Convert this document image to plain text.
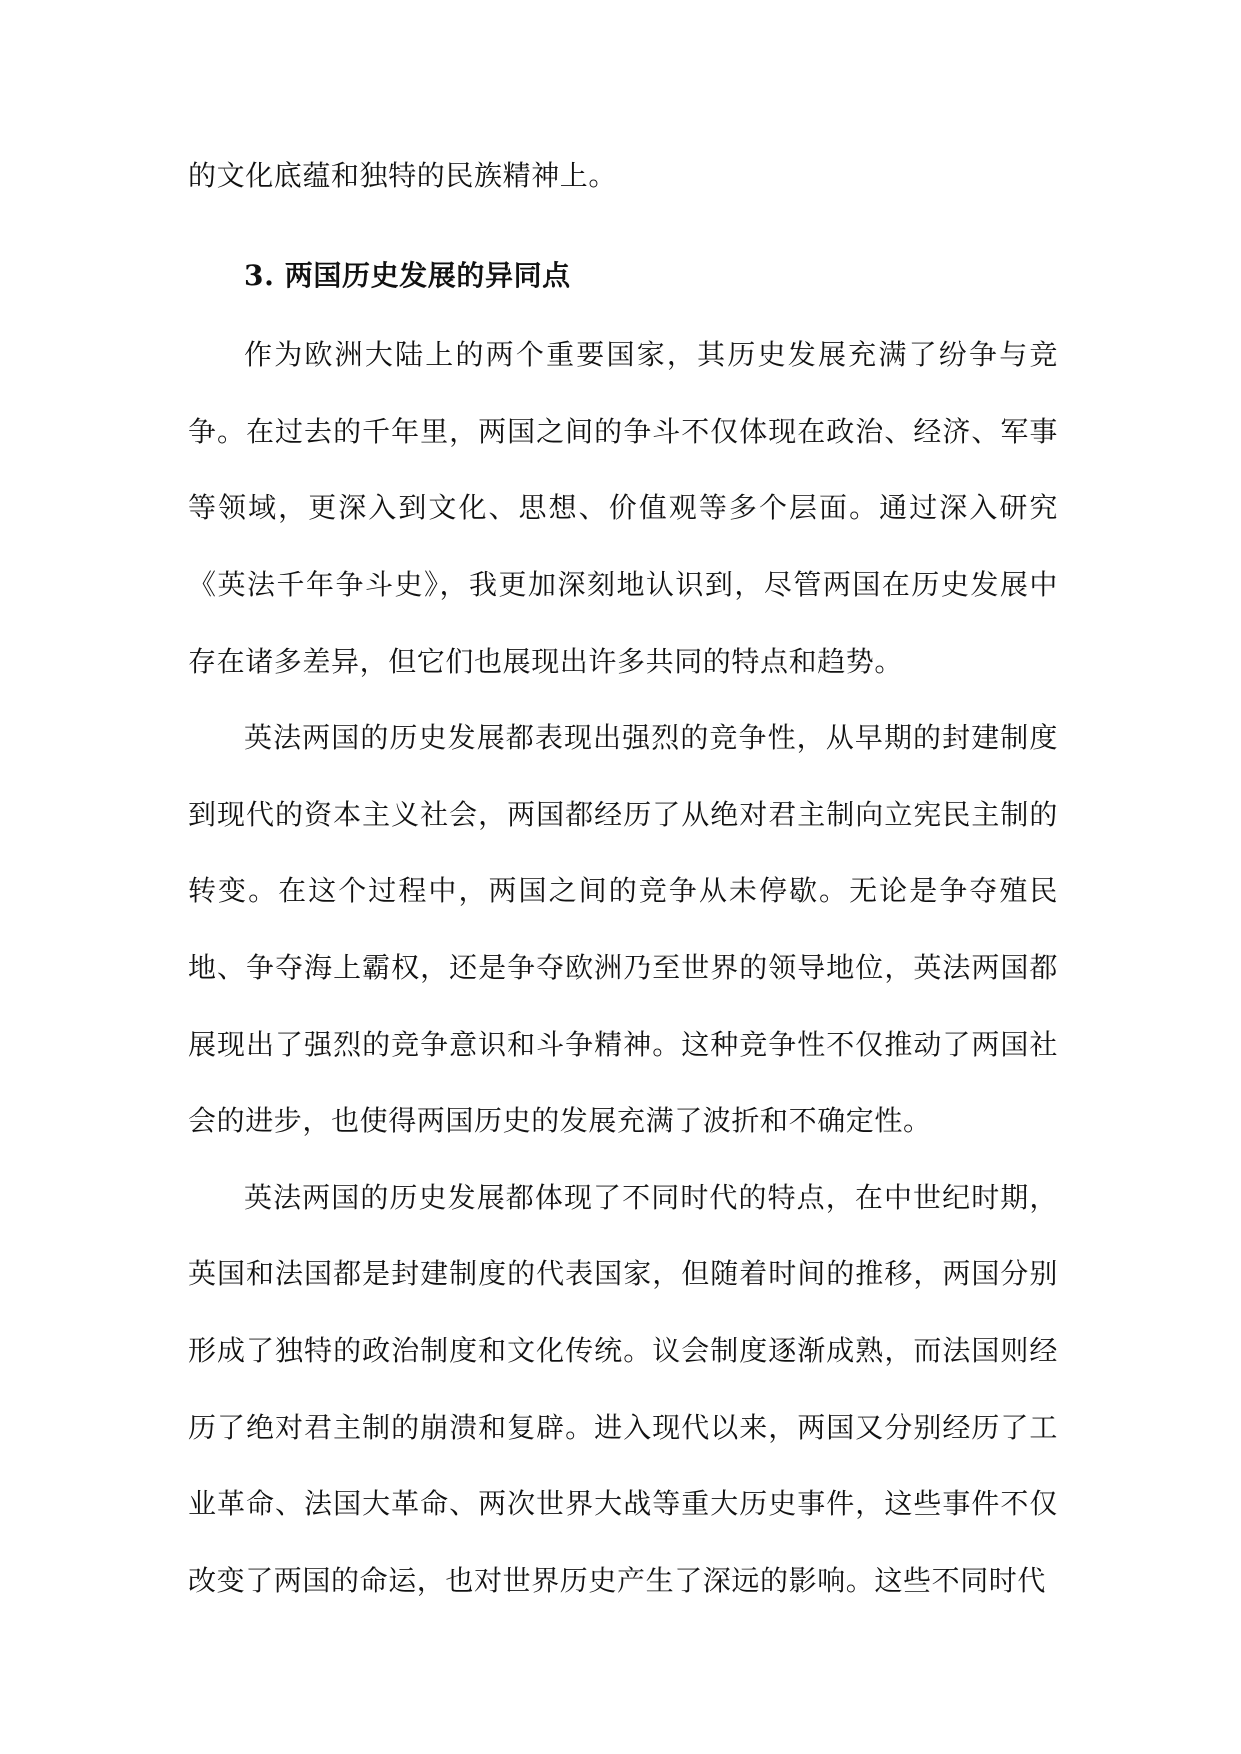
的文化底蕴和独特的民族精神上。

3. 两国历史发展的异同点

作为欧洲大陆上的两个重要国家，其历史发展充满了纷争与竞争。在过去的千年里，两国之间的争斗不仅体现在政治、经济、军事等领域，更深入到文化、思想、价值观等多个层面。通过深入研究《英法千年争斗史》，我更加深刻地认识到，尽管两国在历史发展中存在诸多差异，但它们也展现出许多共同的特点和趋势。

英法两国的历史发展都表现出强烈的竞争性，从早期的封建制度到现代的资本主义社会，两国都经历了从绝对君主制向立宪民主制的转变。在这个过程中，两国之间的竞争从未停歇。无论是争夺殖民地、争夺海上霸权，还是争夺欧洲乃至世界的领导地位，英法两国都展现出了强烈的竞争意识和斗争精神。这种竞争性不仅推动了两国社会的进步，也使得两国历史的发展充满了波折和不确定性。

英法两国的历史发展都体现了不同时代的特点，在中世纪时期，英国和法国都是封建制度的代表国家，但随着时间的推移，两国分别形成了独特的政治制度和文化传统。议会制度逐渐成熟，而法国则经历了绝对君主制的崩溃和复辟。进入现代以来，两国又分别经历了工业革命、法国大革命、两次世界大战等重大历史事件，这些事件不仅改变了两国的命运，也对世界历史产生了深远的影响。这些不同时代
